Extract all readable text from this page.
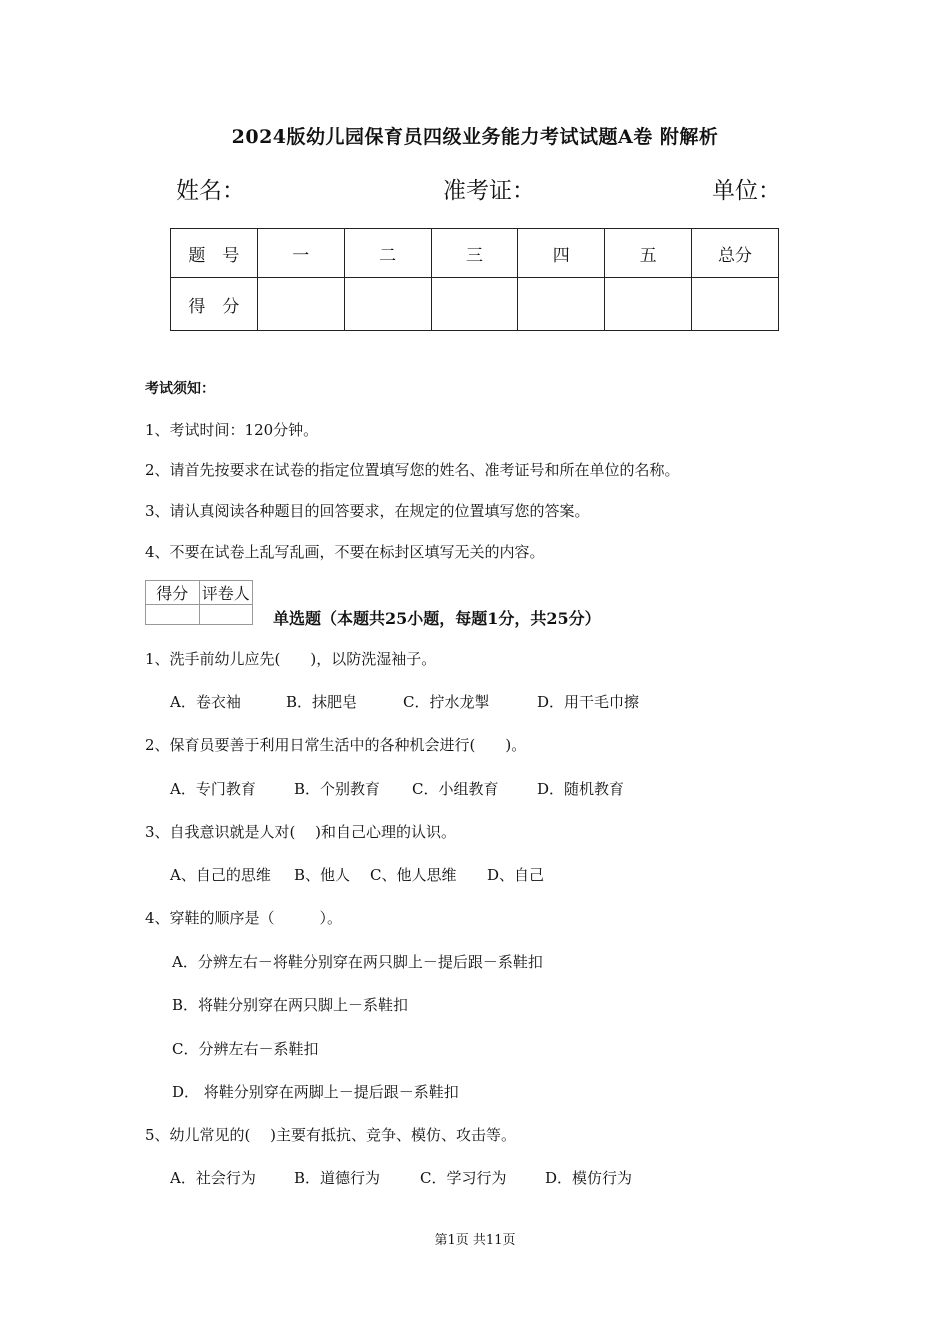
2024版幼儿园保育员四级业务能力考试试题A卷 附解析
姓名：	准考证：	单位：
题　号	一	二	三	四	五	总分
得　分						
考试须知：
1、考试时间：120分钟。
2、请首先按要求在试卷的指定位置填写您的姓名、准考证号和所在单位的名称。
3、请认真阅读各种题目的回答要求，在规定的位置填写您的答案。
4、不要在试卷上乱写乱画，不要在标封区填写无关的内容。
得分	评卷人

单选题（本题共25小题，每题1分，共25分）
1、洗手前幼儿应先(　　)，以防洗湿袖子。
A．卷衣袖	B．抹肥皂	C．拧水龙掣	D．用干毛巾擦
2、保育员要善于利用日常生活中的各种机会进行(　　)。
A．专门教育	B．个别教育 C．小组教育	D．随机教育
3、自我意识就是人对(　 )和自己心理的认识。
A、自己的思维 B、他人 C、他人思维 D、自己
4、穿鞋的顺序是（　　　）。
A．分辨左右－将鞋分别穿在两只脚上－提后跟－系鞋扣
B．将鞋分别穿在两只脚上－系鞋扣
C．分辨左右－系鞋扣
D． 将鞋分别穿在两脚上－提后跟－系鞋扣
5、幼儿常见的(　 )主要有抵抗、竞争、模仿、攻击等。
A．社会行为	B．道德行为	C．学习行为	D．模仿行为
第1页 共11页
